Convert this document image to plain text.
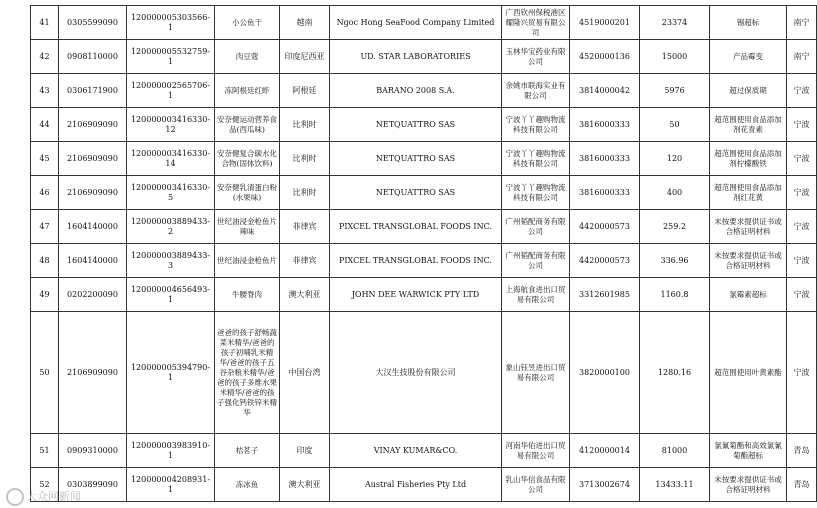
41	0305599090	120000005303566-1	小公鱼干	越南	Ngoc Hong SeaFood Company Limited	广西钦州保税港区耀隆兴贸易有限公司	4519000201	23374	锡超标	南宁
42	0908110000	120000005532759-1	肉豆蔻	印度尼西亚	UD. STAR LABORATORIES	玉林华宝药业有限公司	4520000136	15000	产品霉变	南宁
43	0306171900	120000002565706-1	冻阿根廷红虾	阿根廷	BARANO 2008 S.A.	余姚市联海实业有限公司	3814000042	5976	超过保质期	宁波
44	2106909090	120000003416330-12	安奈健运动营养食品(西瓜味)	比利时	NETQUATTRO SAS	宁波丫丫趣购物流科技有限公司	3816000333	50	超范围使用食品添加剂花青素	宁波
45	2106909090	120000003416330-14	安奈健复合碳水化合物(固体饮料)	比利时	NETQUATTRO SAS	宁波丫丫趣购物流科技有限公司	3816000333	120	超范围使用食品添加剂柠檬酸铁	宁波
46	2106909090	120000003416330-5	安奈健乳清蛋白粉(水果味)	比利时	NETQUATTRO SAS	宁波丫丫趣购物流科技有限公司	3816000333	400	超范围使用食品添加剂红花黄	宁波
47	1604140000	120000003889433-2	世纪油浸金枪鱼片辣味	菲律宾	PIXCEL TRANSGLOBAL FOODS INC.	广州韬配商务有限公司	4420000573	259.2	未按要求提供证书或合格证明材料	宁波
48	1604140000	120000003889433-3	世纪油浸金枪鱼片	菲律宾	PIXCEL TRANSGLOBAL FOODS INC.	广州韬配商务有限公司	4420000573	336.96	未按要求提供证书或合格证明材料	宁波
49	0202200090	120000004656493-1	牛腰脊肉	澳大利亚	JOHN DEE WARWICK PTY LTD	上海航食进出口贸易有限公司	3312601985	1160.8	氯霉素超标	宁波
50	2106909090	120000005394790-1	爸爸的孩子舒畅蔬菜米精华/爸爸的孩子初哺乳米精华/爸爸的孩子五谷杂粮米精华/爸爸的孩子多维水果米精华/爸爸的孩子强化钙铁锌米精华	中国台湾	大汉生技股份有限公司	象山钰昱进出口贸易有限公司	3820000100	1280.16	超范围使用叶黄素酯	宁波
51	0909310000	120000003983910-1	桔茗子	印度	VINAY KUMAR&CO.	河南华佑进出口贸易有限公司	4120000014	81000	氯氰菊酯和高效氯氰菊酯超标	青岛
52	0303899090	120000004208931-1	冻冰鱼	澳大利亚	Austral Fisheries Pty Ltd	乳山华信食品有限公司	3713002674	13433.11	未按要求提供证书或合格证明材料	青岛
大众网新闻
